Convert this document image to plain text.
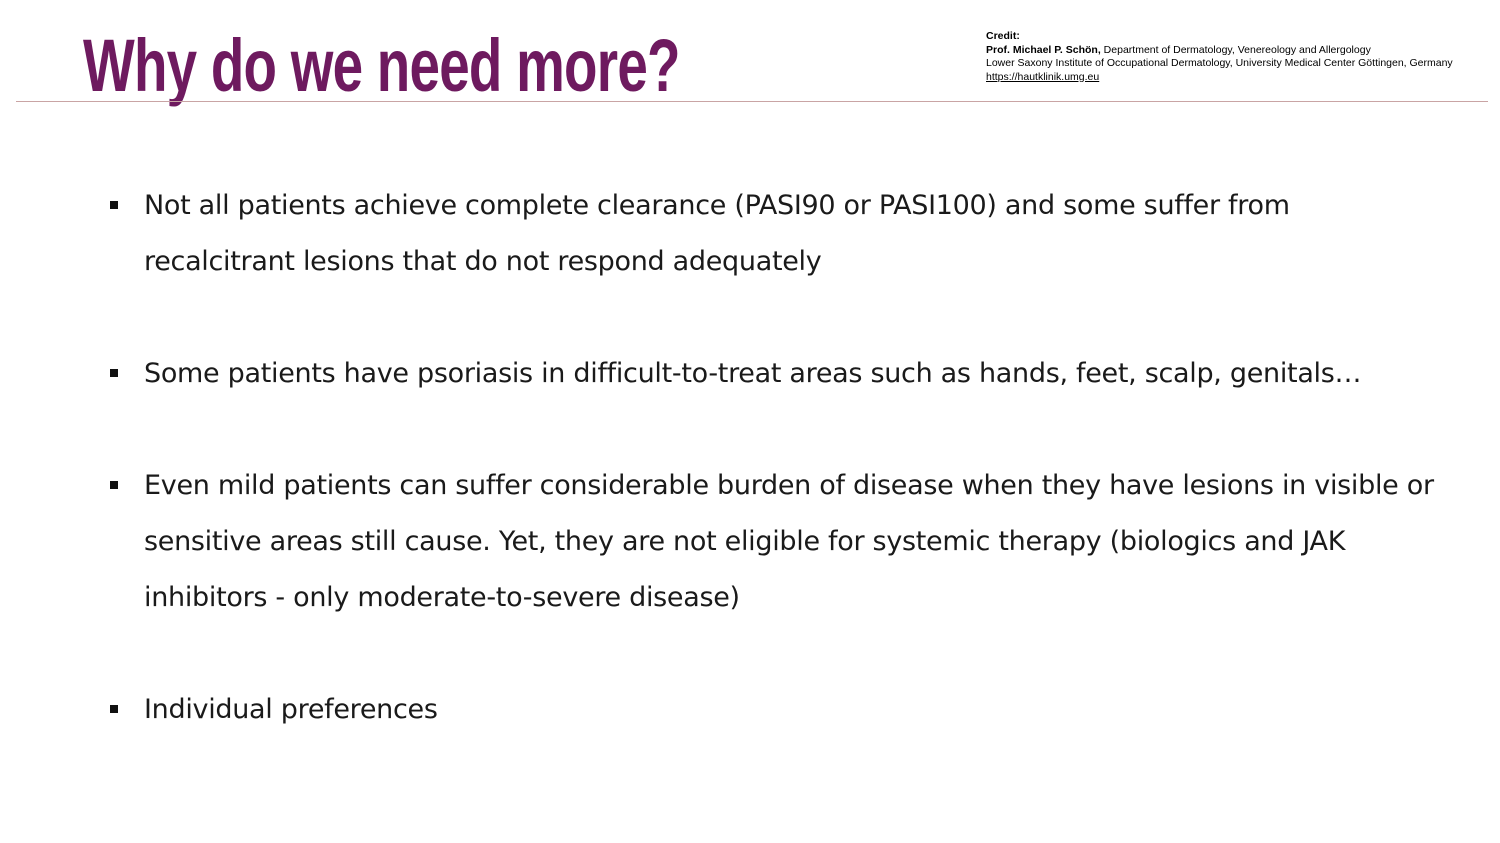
Why do we need more?	Credit:
Prof. Michael P. Schön, Department of Dermatology, Venereology and Allergology
Lower Saxony Institute of Occupational Dermatology, University Medical Center Göttingen, Germany
https://hautklinik.umg.eu
Not all patients achieve complete clearance (PASI90 or PASI100) and some suffer from recalcitrant lesions that do not respond adequately
Some patients have psoriasis in difficult-to-treat areas such as hands, feet, scalp, genitals…
Even mild patients can suffer considerable burden of disease when they have lesions in visible or sensitive areas still cause. Yet, they are not eligible for systemic therapy (biologics and JAK inhibitors - only moderate-to-severe disease)
Individual preferences
